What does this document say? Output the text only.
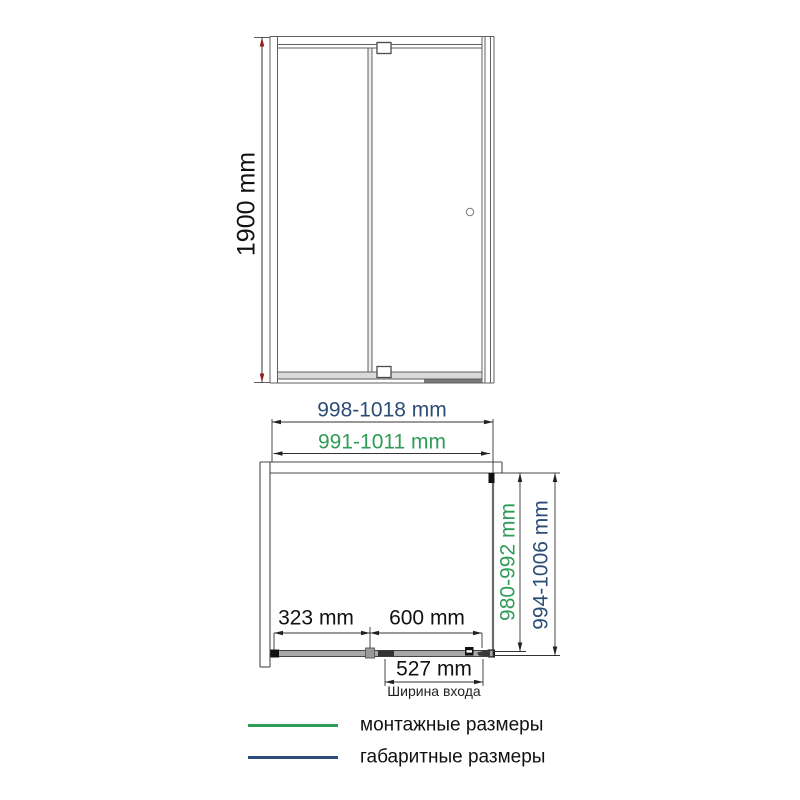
1900 mm
998-1018 mm
991-1011 mm
980-992 mm 994-1006 mm
323 mm 600 mm
527 mm
Ширина входа
монтажные размеры
габаритные размеры
